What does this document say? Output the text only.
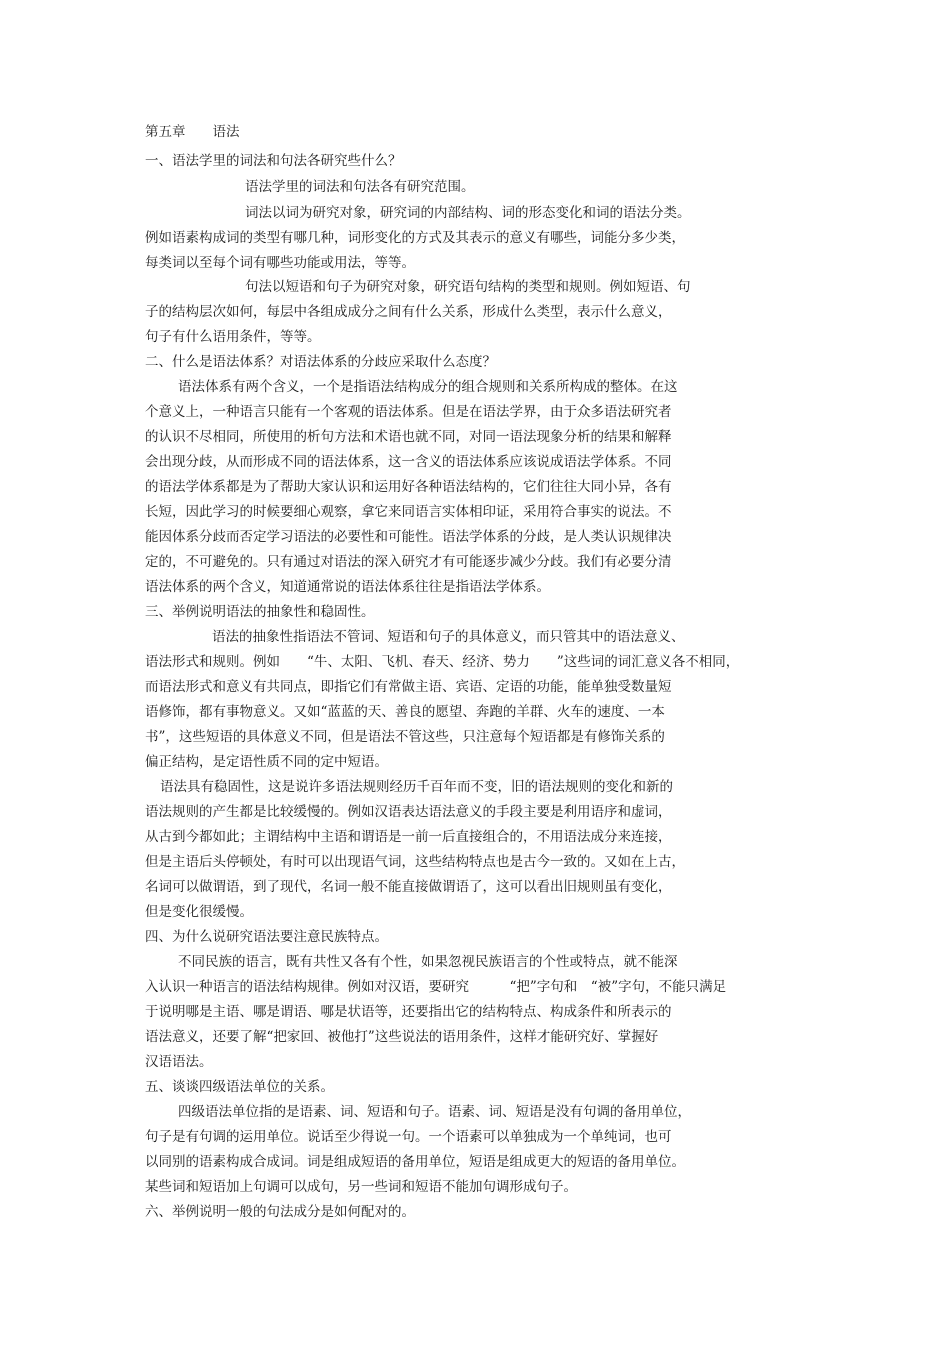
第五章　　语法
一、语法学里的词法和句法各研究些什么？
语法学里的词法和句法各有研究范围。
词法以词为研究对象，研究词的内部结构、词的形态变化和词的语法分类。
例如语素构成词的类型有哪几种，词形变化的方式及其表示的意义有哪些，词能分多少类，
每类词以至每个词有哪些功能或用法，等等。
句法以短语和句子为研究对象，研究语句结构的类型和规则。例如短语、句
子的结构层次如何，每层中各组成成分之间有什么关系，形成什么类型，表示什么意义，
句子有什么语用条件，等等。
二、什么是语法体系？对语法体系的分歧应采取什么态度？
语法体系有两个含义，一个是指语法结构成分的组合规则和关系所构成的整体。在这
个意义上，一种语言只能有一个客观的语法体系。但是在语法学界，由于众多语法研究者
的认识不尽相同，所使用的析句方法和术语也就不同，对同一语法现象分析的结果和解释
会出现分歧，从而形成不同的语法体系，这一含义的语法体系应该说成语法学体系。不同
的语法学体系都是为了帮助大家认识和运用好各种语法结构的，它们往往大同小异，各有
长短，因此学习的时候要细心观察，拿它来同语言实体相印证，采用符合事实的说法。不
能因体系分歧而否定学习语法的必要性和可能性。语法学体系的分歧，是人类认识规律决
定的，不可避免的。只有通过对语法的深入研究才有可能逐步减少分歧。我们有必要分清
语法体系的两个含义，知道通常说的语法体系往往是指语法学体系。
三、举例说明语法的抽象性和稳固性。
语法的抽象性指语法不管词、短语和句子的具体意义，而只管其中的语法意义、
语法形式和规则。例如　　“牛、太阳、飞机、春天、经济、势力　　”这些词的词汇意义各不相同，
而语法形式和意义有共同点，即指它们有常做主语、宾语、定语的功能，能单独受数量短
语修饰，都有事物意义。又如“蓝蓝的天、善良的愿望、奔跑的羊群、火车的速度、一本
书”，这些短语的具体意义不同，但是语法不管这些，只注意每个短语都是有修饰关系的
偏正结构，是定语性质不同的定中短语。
语法具有稳固性，这是说许多语法规则经历千百年而不变，旧的语法规则的变化和新的
语法规则的产生都是比较缓慢的。例如汉语表达语法意义的手段主要是利用语序和虚词，
从古到今都如此；主谓结构中主语和谓语是一前一后直接组合的，不用语法成分来连接，
但是主语后头停顿处，有时可以出现语气词，这些结构特点也是古今一致的。又如在上古，
名词可以做谓语，到了现代，名词一般不能直接做谓语了，这可以看出旧规则虽有变化，
但是变化很缓慢。
四、为什么说研究语法要注意民族特点。
不同民族的语言，既有共性又各有个性，如果忽视民族语言的个性或特点，就不能深
入认识一种语言的语法结构规律。例如对汉语，要研究　　　“把”字句和　“被”字句，不能只满足
于说明哪是主语、哪是谓语、哪是状语等，还要指出它的结构特点、构成条件和所表示的
语法意义，还要了解“把家回、被他打”这些说法的语用条件，这样才能研究好、掌握好
汉语语法。
五、谈谈四级语法单位的关系。
四级语法单位指的是语素、词、短语和句子。语素、词、短语是没有句调的备用单位，
句子是有句调的运用单位。说话至少得说一句。一个语素可以单独成为一个单纯词，也可
以同别的语素构成合成词。词是组成短语的备用单位，短语是组成更大的短语的备用单位。
某些词和短语加上句调可以成句，另一些词和短语不能加句调形成句子。
六、举例说明一般的句法成分是如何配对的。
